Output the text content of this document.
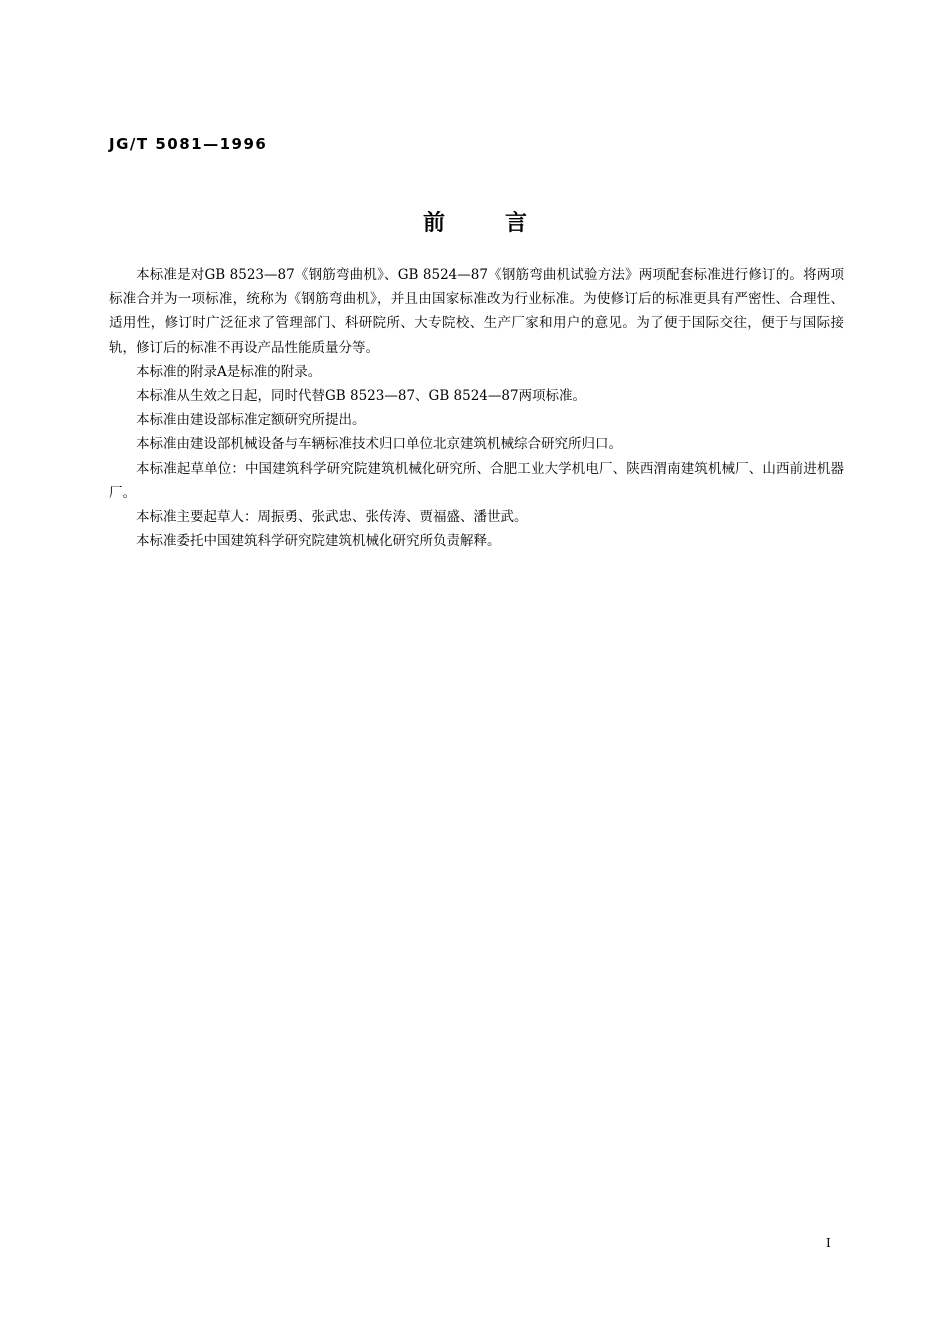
JG/T 5081—1996
前言

本标准是对GB 8523—87《钢筋弯曲机》、GB 8524—87《钢筋弯曲机试验方法》两项配套标准进行修订的。将两项标准合并为一项标准，统称为《钢筋弯曲机》，并且由国家标准改为行业标准。为使修订后的标准更具有严密性、合理性、适用性，修订时广泛征求了管理部门、科研院所、大专院校、生产厂家和用户的意见。为了便于国际交往，便于与国际接轨，修订后的标准不再设产品性能质量分等。

本标准的附录A是标准的附录。

本标准从生效之日起，同时代替GB 8523—87、GB 8524—87两项标准。

本标准由建设部标准定额研究所提出。

本标准由建设部机械设备与车辆标准技术归口单位北京建筑机械综合研究所归口。

本标准起草单位：中国建筑科学研究院建筑机械化研究所、合肥工业大学机电厂、陕西渭南建筑机械厂、山西前进机器厂。

本标准主要起草人：周振勇、张武忠、张传涛、贾福盛、潘世武。

本标准委托中国建筑科学研究院建筑机械化研究所负责解释。

I
